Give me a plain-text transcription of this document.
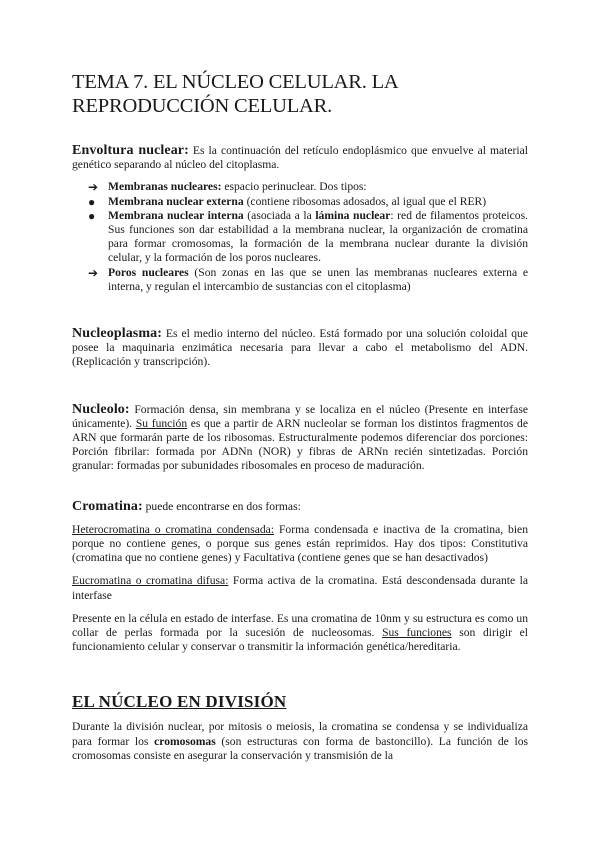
TEMA 7. EL NÚCLEO CELULAR. LA REPRODUCCIÓN CELULAR.

Envoltura nuclear: Es la continuación del retículo endoplásmico que envuelve al material genético separando al núcleo del citoplasma.

➔ Membranas nucleares: espacio perinuclear. Dos tipos:
●	Membrana nuclear externa (contiene ribosomas adosados, al igual que el RER)
●	Membrana nuclear interna (asociada a la lámina nuclear: red de filamentos proteicos. Sus funciones son dar estabilidad a la membrana nuclear, la organización de cromatina para formar cromosomas, la formación de la membrana nuclear durante la división celular, y la formación de los poros nucleares.
➔ Poros nucleares (Son zonas en las que se unen las membranas nucleares externa e interna, y regulan el intercambio de sustancias con el citoplasma)

Nucleoplasma: Es el medio interno del núcleo. Está formado por una solución coloidal que posee la maquinaria enzimática necesaria para llevar a cabo el metabolismo del ADN. (Replicación y transcripción).

Nucleolo: Formación densa, sin membrana y se localiza en el núcleo (Presente en interfase únicamente). Su función es que a partir de ARN nucleolar se forman los distintos fragmentos de ARN que formarán parte de los ribosomas. Estructuralmente podemos diferenciar dos porciones: Porción fibrilar: formada por ADNn (NOR) y fibras de ARNn recién sintetizadas. Porción granular: formadas por subunidades ribosomales en proceso de maduración.

Cromatina: puede encontrarse en dos formas:

Heterocromatina o cromatina condensada: Forma condensada e inactiva de la cromatina, bien porque no contiene genes, o porque sus genes están reprimidos. Hay dos tipos: Constitutiva (cromatina que no contiene genes) y Facultativa (contiene genes que se han desactivados)

Eucromatina o cromatina difusa: Forma activa de la cromatina. Está descondensada durante la interfase

Presente en la célula en estado de interfase. Es una cromatina de 10nm y su estructura es como un collar de perlas formada por la sucesión de nucleosomas. Sus funciones son dirigir el funcionamiento celular y conservar o transmitir la información genética/hereditaria.

EL NÚCLEO EN DIVISIÓN

Durante la división nuclear, por mitosis o meiosis, la cromatina se condensa y se individualiza para formar los cromosomas (son estructuras con forma de bastoncillo). La función de los cromosomas consiste en asegurar la conservación y transmisión de la
